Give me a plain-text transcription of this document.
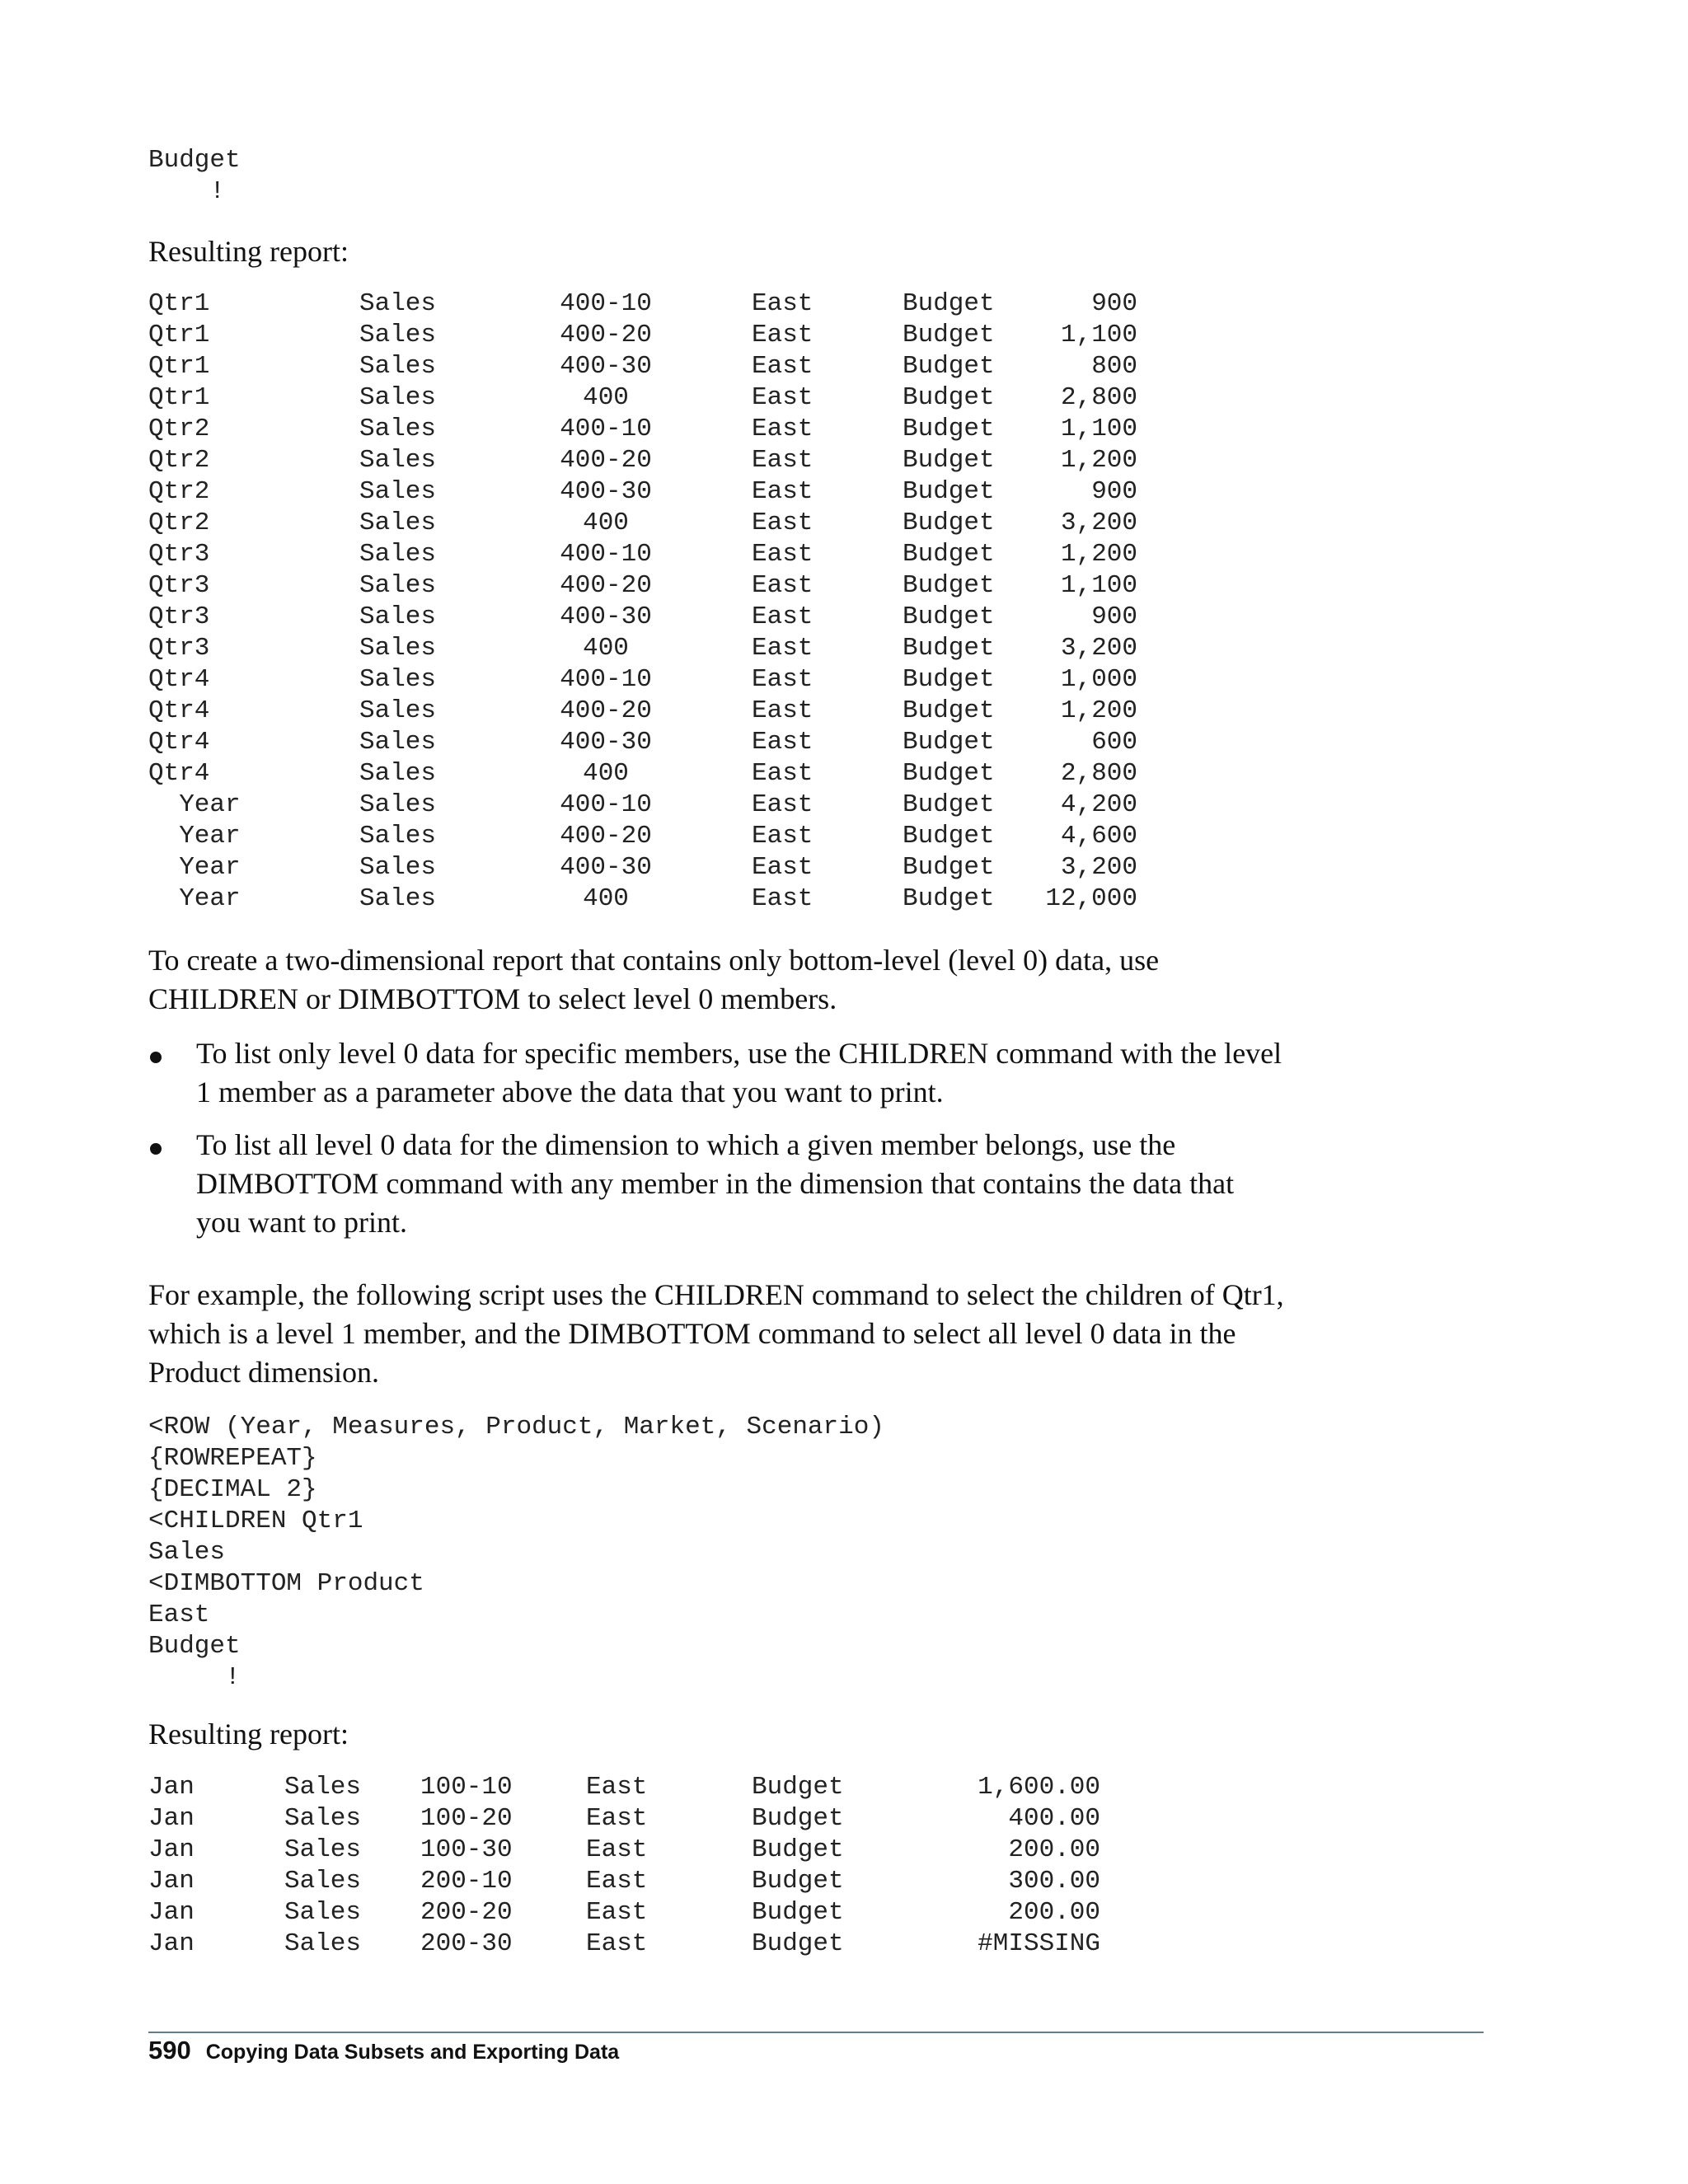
Budget
!
Resulting report:
Qtr1	Sales	400-10	East	Budget	900
Qtr1	Sales	400-20	East	Budget	1,100
Qtr1	Sales	400-30	East	Budget	800
Qtr1	Sales	400	East	Budget	2,800
Qtr2	Sales	400-10	East	Budget	1,100
Qtr2	Sales	400-20	East	Budget	1,200
Qtr2	Sales	400-30	East	Budget	900
Qtr2	Sales	400	East	Budget	3,200
Qtr3	Sales	400-10	East	Budget	1,200
Qtr3	Sales	400-20	East	Budget	1,100
Qtr3	Sales	400-30	East	Budget	900
Qtr3	Sales	400	East	Budget	3,200
Qtr4	Sales	400-10	East	Budget	1,000
Qtr4	Sales	400-20	East	Budget	1,200
Qtr4	Sales	400-30	East	Budget	600
Qtr4	Sales	400	East	Budget	2,800
Year	Sales	400-10	East	Budget	4,200
Year	Sales	400-20	East	Budget	4,600
Year	Sales	400-30	East	Budget	3,200
Year	Sales	400	East	Budget	12,000
To create a two-dimensional report that contains only bottom-level (level 0) data, use
CHILDREN or DIMBOTTOM to select level 0 members.
To list only level 0 data for specific members, use the CHILDREN command with the level
1 member as a parameter above the data that you want to print.
To list all level 0 data for the dimension to which a given member belongs, use the
DIMBOTTOM command with any member in the dimension that contains the data that
you want to print.
For example, the following script uses the CHILDREN command to select the children of Qtr1,
which is a level 1 member, and the DIMBOTTOM command to select all level 0 data in the
Product dimension.
<ROW (Year, Measures, Product, Market, Scenario)
{ROWREPEAT}
{DECIMAL 2}
<CHILDREN Qtr1
Sales
<DIMBOTTOM Product
East
Budget
!
Resulting report:
Jan	Sales 100-10	East	Budget	1,600.00
Jan	Sales 100-20	East	Budget	400.00
Jan	Sales 100-30	East	Budget	200.00
Jan	Sales 200-10	East	Budget	300.00
Jan	Sales 200-20	East	Budget	200.00
Jan	Sales 200-30	East	Budget	#MISSING
590 Copying Data Subsets and Exporting Data
